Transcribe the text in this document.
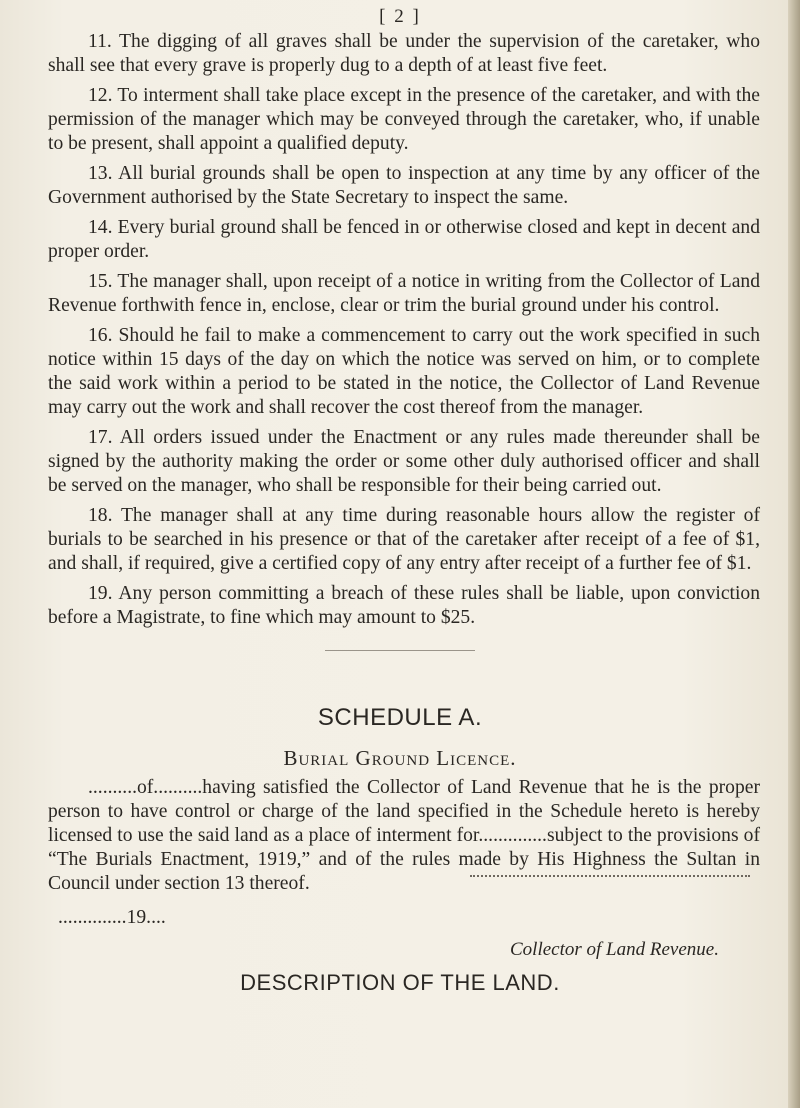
[ 2 ]

11. The digging of all graves shall be under the supervision of the caretaker, who shall see that every grave is properly dug to a depth of at least five feet.

12. To interment shall take place except in the presence of the caretaker, and with the permission of the manager which may be conveyed through the caretaker, who, if unable to be present, shall appoint a qualified deputy.

13. All burial grounds shall be open to inspection at any time by any officer of the Government authorised by the State Secretary to inspect the same.

14. Every burial ground shall be fenced in or otherwise closed and kept in decent and proper order.

15. The manager shall, upon receipt of a notice in writing from the Collector of Land Revenue forthwith fence in, enclose, clear or trim the burial ground under his control.

16. Should he fail to make a commencement to carry out the work specified in such notice within 15 days of the day on which the notice was served on him, or to complete the said work within a period to be stated in the notice, the Collector of Land Revenue may carry out the work and shall recover the cost thereof from the manager.

17. All orders issued under the Enactment or any rules made thereunder shall be signed by the authority making the order or some other duly authorised officer and shall be served on the manager, who shall be responsible for their being carried out.

18. The manager shall at any time during reasonable hours allow the register of burials to be searched in his presence or that of the caretaker after receipt of a fee of $1, and shall, if required, give a certified copy of any entry after receipt of a further fee of $1.

19. Any person committing a breach of these rules shall be liable, upon conviction before a Magistrate, to fine which may amount to $25.

SCHEDULE A.
Burial Ground Licence.

..........of..........having satisfied the Collector of Land Revenue that he is the proper person to have control or charge of the land specified in the Schedule hereto is hereby licensed to use the said land as a place of interment for..............subject to the provisions of “The Burials Enactment, 1919,” and of the rules made by His Highness the Sultan in Council under section 13 thereof.

..............19....
Collector of Land Revenue.
DESCRIPTION OF THE LAND.
